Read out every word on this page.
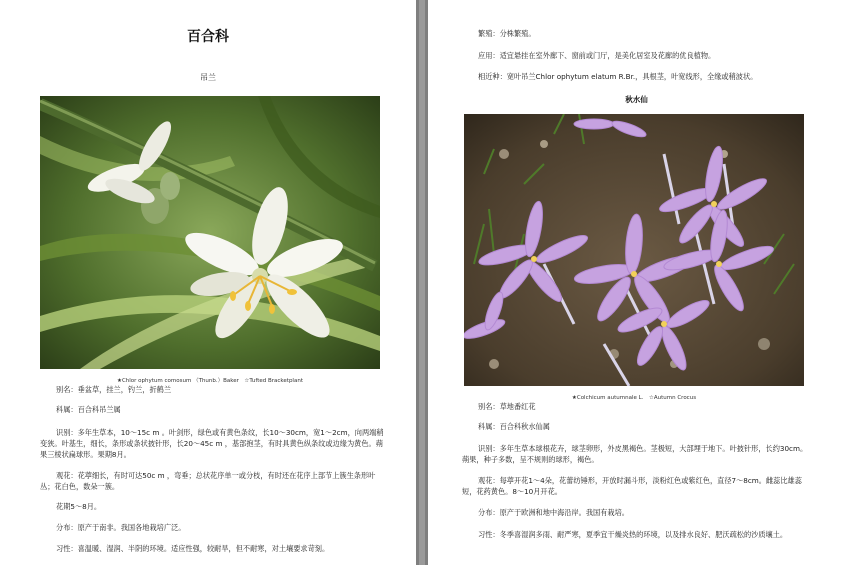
百合科
吊兰
★Chlor ophytum comosum （Thunb.）Baker　☆Tufted Bracketplant

别名：垂盆草，挂兰，钓兰，折鹤兰

科属：百合科吊兰属

识别：多年生草本，10～15c m 。叶剑形，绿色或有黄色条纹，长10～30cm，宽1～2cm，向两端稍变狭。叶基生，细长，条形或条状披针形，长20～45c m ，基部抱茎，有时具黄色纵条纹或边缘为黄色。蒴果三棱状扁球形。果期8月。

观花：花葶细长，有时可达50c m ，弯垂；总状花序单一或分枝，有时还在花序上部节上簇生条形叶丛；花白色，数朵一簇。

花期5～8月。

分布：原产于南非。我国各地栽培广泛。

习性：喜温暖、湿润、半阴的环境。适应性强，较耐旱，但不耐寒，对土壤要求苛刻。

繁殖：分株繁殖。

应用：适宜悬挂在室外廊下、窗前或门厅，是美化居室及花廊的优良植物。

相近种：宽叶吊兰Chlor ophytum elatum R.Br.，具根茎，叶宽线形，全缘或稍波状。

秋水仙
★Colchicum autumnale L.　☆Autumn Crocus

别名：草地番红花

科属：百合科秋水仙属

识别：多年生草本球根花卉，球茎卵形，外皮黑褐色。茎极短，大部埋于地下。叶披针形，长约30cm。蒴果，种子多数，呈不规则的球形，褐色。

观花：每葶开花1～4朵，花蕾纺锤形，开放时漏斗形，淡粉红色或紫红色，直径7～8cm。雌蕊比雄蕊短，花药黄色。8～10月开花。

分布：原产于欧洲和地中海沿岸。我国有栽培。

习性：冬季喜湿润多雨、耐严寒，夏季宜干燥炎热的环境，以及排水良好、肥沃疏松的沙质壤土。
